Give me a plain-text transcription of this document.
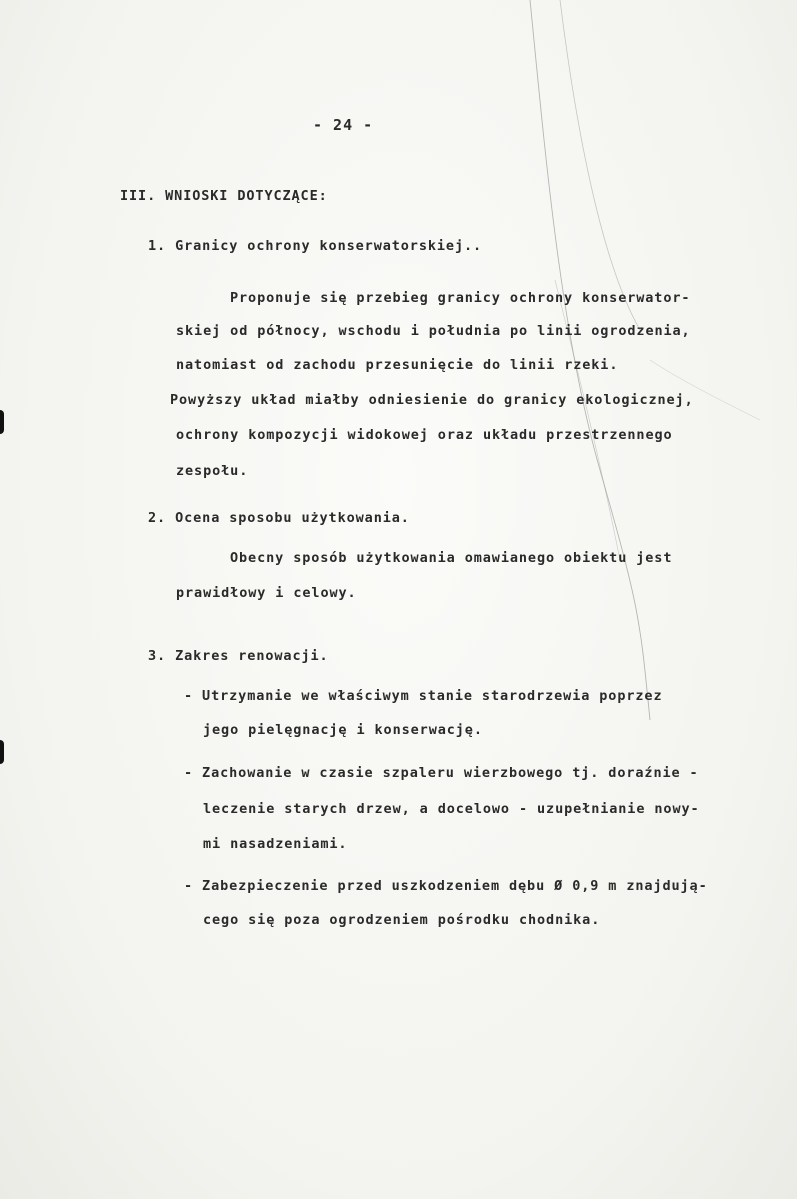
- 24 -
III. WNIOSKI DOTYCZĄCE:
1. Granicy ochrony konserwatorskiej..
Proponuje się przebieg granicy ochrony konserwator-
skiej od północy, wschodu i południa po linii ogrodzenia,
natomiast od zachodu przesunięcie do linii rzeki.
Powyższy układ miałby odniesienie do granicy ekologicznej,
ochrony kompozycji widokowej oraz układu przestrzennego
zespołu.
2. Ocena sposobu użytkowania.
Obecny sposób użytkowania omawianego obiektu jest
prawidłowy i celowy.
3. Zakres renowacji.
- Utrzymanie we właściwym stanie starodrzewia poprzez
jego pielęgnację i konserwację.
- Zachowanie w czasie szpaleru wierzbowego tj. doraźnie -
leczenie starych drzew, a docelowo - uzupełnianie nowy-
mi nasadzeniami.
- Zabezpieczenie przed uszkodzeniem dębu Ø 0,9 m znajdują-
cego się poza ogrodzeniem pośrodku chodnika.
